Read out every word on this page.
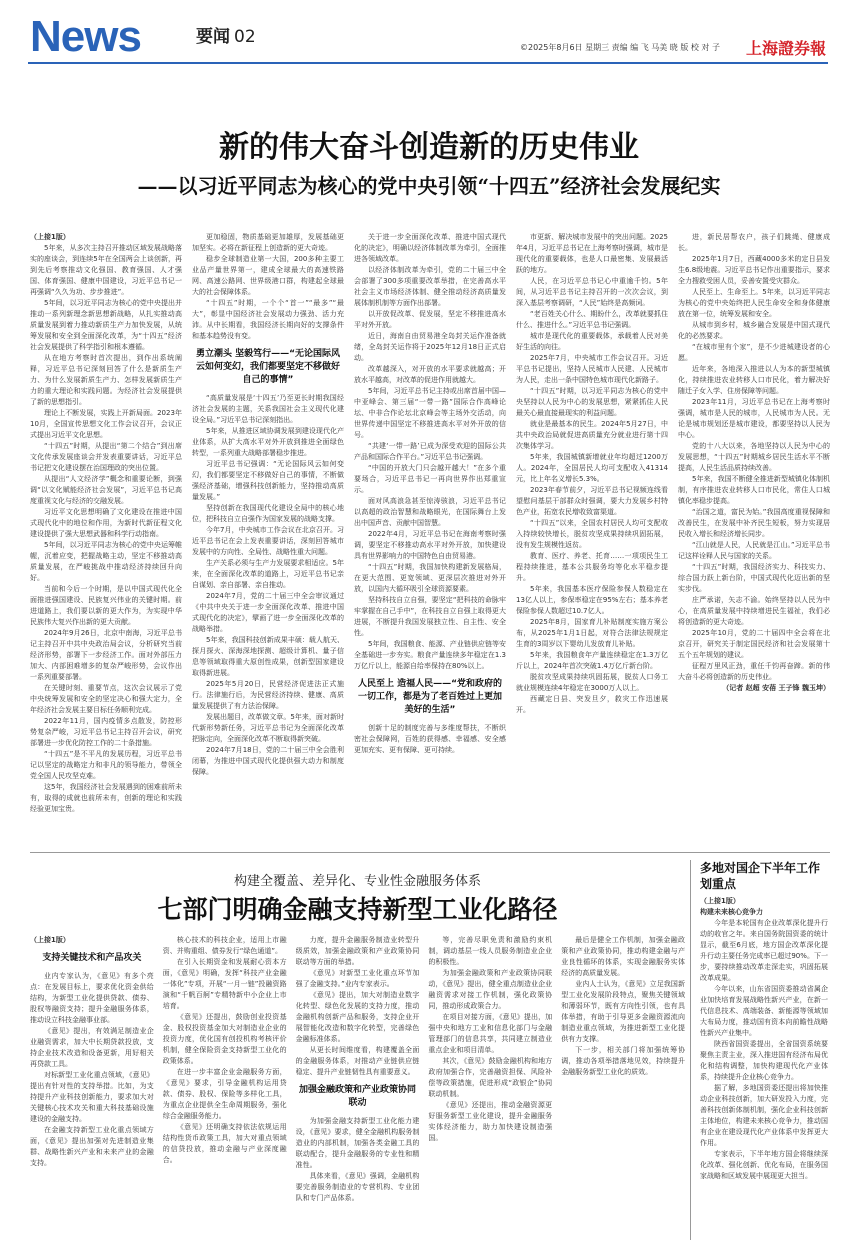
News	要闻 02
©2025年8月6日 星期三 责编 编 飞 马美 晓 版 校 对 子 上海證券報
新的伟大奋斗创造新的历史伟业
——以习近平同志为核心的党中央引领“十四五”经济社会发展纪实

（上接1版）

5年来，从多次主持召开推动区域发展战略落实的座谈会，到连续5年在全国两会上谈创新，再到先后考察推动文化强国、教育强国、人才强国、体育强国、健康中国建设，习近平总书记一再强调“久久为功、步步推进”。

5年间，以习近平同志为核心的党中央提出并推动一系列新理念新思想新战略，从扎实推动高质量发展到着力推动新质生产力加快发展，从统筹发展和安全到全面深化改革，为“十四五”经济社会发展提供了科学指引和根本遵循。

从在地方考察时首次提出，到作出系统阐释，习近平总书记深刻回答了什么是新质生产力、为什么发展新质生产力、怎样发展新质生产力的重大理论和实践问题。为经济社会发展提供了新的思想指引。

理论上不断发展，实践上开新局面。2023年10月，全国宣传思想文化工作会议召开，会议正式提出习近平文化思想。

“十四五”时期，从提出“第二个结合”到出席文化传承发展座谈会并发表重要讲话，习近平总书记把文化建设摆在治国理政的突出位置。

从提出“人文经济学”概念和重要论断，到强调“以文化赋能经济社会发展”，习近平总书记高度重视文化与经济的交融发展。

习近平文化思想明确了文化建设在推进中国式现代化中的地位和作用，为新时代新征程文化建设提供了强大思想武器和科学行动指南。

5年间，以习近平同志为核心的党中央运筹帷幄，沉着应变，把握战略主动，坚定不移推动高质量发展，在严峻挑战中推动经济持续回升向好。

当前和今后一个时期，是以中国式现代化全面推进强国建设、民族复兴伟业的关键时期。前进道路上，我们要以新的更大作为，为实现中华民族伟大复兴作出新的更大贡献。

2024年9月26日，北京中南海，习近平总书记主持召开中共中央政治局会议，分析研究当前经济形势，部署下一步经济工作。面对外部压力加大、内部困难增多的复杂严峻形势，会议作出一系列重要部署。

在关键时刻、重要节点，这次会议展示了党中央统筹发展和安全的坚定决心和强大定力，全年经济社会发展主要目标任务顺利完成。

2022年11月，国内疫情多点散发，防控形势复杂严峻，习近平总书记主持召开会议，研究部署进一步优化防控工作的二十条措施。

“十四五”是不平凡的发展历程，习近平总书记以坚定的战略定力和非凡的领导能力，带领全党全国人民攻坚克难。

这5年，我国经济社会发展遇到的困难前所未有，取得的成就也前所未有，创新的理论和实践经验更加宝贵。

更加稳固，物质基础更加雄厚，发展基础更加坚实。必将在新征程上创造新的更大奇迹。

稳步全球制造业第一大国，200多种主要工业品产量世界第一，建成全球最大的高速铁路网、高速公路网、世界级港口群，构建起全球最大的社会保障体系。

“十四五”时期，一个个“首一”“最多”“最大”，彰显中国经济社会发展动力强劲、活力充沛。从中长期看，我国经济长期向好的支撑条件和基本趋势没有变。

勇立潮头 坚毅笃行——“无论国际风云如何变幻，我们都要坚定不移做好自己的事情”

“高质量发展是‘十四五’乃至更长时期我国经济社会发展的主题，关系我国社会主义现代化建设全局。”习近平总书记深刻指出。

5年来，从推进区域协调发展到建设现代化产业体系，从扩大高水平对外开放到推进全面绿色转型，一系列重大战略部署稳步推进。

习近平总书记强调：“无论国际风云如何变幻，我们都要坚定不移做好自己的事情，不断做强经济基础，增强科技创新能力，坚持推动高质量发展。”

坚持创新在我国现代化建设全局中的核心地位，把科技自立自强作为国家发展的战略支撑。

今年7月，中央城市工作会议在北京召开。习近平总书记在会上发表重要讲话，深刻回答城市发展中的方向性、全局性、战略性重大问题。

生产关系必须与生产力发展要求相适应。5年来，在全面深化改革的道路上，习近平总书记亲自谋划、亲自部署、亲自推动。

2024年7月，党的二十届三中全会审议通过《中共中央关于进一步全面深化改革、推进中国式现代化的决定》，擘画了进一步全面深化改革的战略举措。

5年来，我国科技创新成果丰硕：载人航天、探月探火、深海深地探测、超级计算机、量子信息等领域取得重大原创性成果，创新型国家建设取得新进展。

2025年5月20日，民营经济促进法正式施行。法律施行后，为民营经济持续、健康、高质量发展提供了有力法治保障。

发展出题目，改革做文章。5年来，面对新时代新形势新任务，习近平总书记为全面深化改革把脉定向，全面深化改革不断取得新突破。

2024年7月18日，党的二十届三中全会胜利闭幕，为推进中国式现代化提供强大动力和制度保障。

关于进一步全面深化改革、推进中国式现代化的决定》，明确以经济体制改革为牵引，全面推进各领域改革。

以经济体制改革为牵引，党的二十届三中全会部署了300多项重要改革举措，在完善高水平社会主义市场经济体制、健全推动经济高质量发展体制机制等方面作出部署。

以开放促改革、促发展，坚定不移推进高水平对外开放。

近日，海南自由贸易港全岛封关运作准备就绪，全岛封关运作将于2025年12月18日正式启动。

改革越深入，对开放的水平要求就越高；开放水平越高，对改革的促进作用就越大。

5年间，习近平总书记主持或出席首届中国—中亚峰会、第三届“一带一路”国际合作高峰论坛、中非合作论坛北京峰会等主场外交活动，向世界传递中国坚定不移推进高水平对外开放的信号。

“共建‘一带一路’已成为深受欢迎的国际公共产品和国际合作平台。”习近平总书记强调。

“中国的开放大门只会越开越大！”在多个重要场合，习近平总书记一再向世界作出郑重宣示。

面对风高浪急甚至惊涛骇浪，习近平总书记以高超的政治智慧和战略眼光，在国际舞台上发出中国声音、贡献中国智慧。

2022年4月，习近平总书记在海南考察时强调，要坚定不移推动高水平对外开放，加快建设具有世界影响力的中国特色自由贸易港。

“十四五”时期，我国加快构建新发展格局，在更大范围、更宽领域、更深层次推进对外开放，以国内大循环吸引全球资源要素。

坚持科技自立自强，要坚定“把科技的命脉牢牢掌握在自己手中”，在科技自立自强上取得更大进展，不断提升我国发展独立性、自主性、安全性。

5年间，我国粮食、能源、产业链供应链等安全基础进一步夯实。粮食产量连续多年稳定在1.3万亿斤以上，能源自给率保持在80%以上。

人民至上 造福人民——“党和政府的一切工作，都是为了老百姓过上更加美好的生活”

创新十足的制度完善与多维度帮扶，不断织密社会保障网，百姓的获得感、幸福感、安全感更加充实、更有保障、更可持续。

市更新、解决城市发展中的突出问题。2025年4月，习近平总书记在上海考察时强调，城市是现代化的重要载体，也是人口最密集、发展最活跃的地方。

人民，在习近平总书记心中重逾千钧。5年间，从习近平总书记主持召开的一次次会议，到深入基层考察调研，“人民”始终是高频词。

“老百姓关心什么、期盼什么，改革就要抓住什么、推进什么。”习近平总书记强调。

城市是现代化的重要载体，承载着人民对美好生活的向往。

2025年7月，中央城市工作会议召开。习近平总书记提出，坚持人民城市人民建、人民城市为人民，走出一条中国特色城市现代化新路子。

“十四五”时期，以习近平同志为核心的党中央坚持以人民为中心的发展思想，紧紧抓住人民最关心最直接最现实的利益问题。

就业是最基本的民生。2024年5月27日，中共中央政治局就促进高质量充分就业进行第十四次集体学习。

5年来，我国城镇新增就业年均超过1200万人。2024年，全国居民人均可支配收入41314元，比上年名义增长5.3%。

2023年春节前夕，习近平总书记视频连线看望慰问基层干部群众时强调，要大力发展乡村特色产业，拓宽农民增收致富渠道。

“十四五”以来，全国农村居民人均可支配收入持续较快增长，脱贫攻坚成果持续巩固拓展，没有发生规模性返贫。

教育、医疗、养老、托育……一项项民生工程持续推进，基本公共服务均等化水平稳步提升。

5年来，我国基本医疗保险参保人数稳定在13亿人以上，参保率稳定在95%左右；基本养老保险参保人数超过10.7亿人。

2025年8月，国家育儿补贴制度实施方案公布，从2025年1月1日起，对符合法律法规规定生育的3周岁以下婴幼儿发放育儿补贴。

5年来，我国粮食年产量连续稳定在1.3万亿斤以上，2024年首次突破1.4万亿斤新台阶。

脱贫攻坚成果持续巩固拓展，脱贫人口务工就业规模连续4年稳定在3000万人以上。

西藏定日县、突发旦夕，救灾工作迅速展开。

进，新民居帮农户，孩子们跳绳、健康成长。

2025年1月7日，西藏4000多米的定日县发生6.8级地震。习近平总书记作出重要指示，要求全力搜救受困人员，妥善安置受灾群众。

人民至上、生命至上。5年来，以习近平同志为核心的党中央始终把人民生命安全和身体健康放在第一位，统筹发展和安全。

从城市到乡村，城乡融合发展是中国式现代化的必然要求。

“在城市里有个家”，是不少进城建设者的心愿。

近年来，各地深入推进以人为本的新型城镇化，持续推进农业转移人口市民化，着力解决好随迁子女入学、住房保障等问题。

2023年11月，习近平总书记在上海考察时强调，城市是人民的城市，人民城市为人民。无论是城市规划还是城市建设，都要坚持以人民为中心。

党的十八大以来，各地坚持以人民为中心的发展思想，“十四五”时期城乡居民生活水平不断提高，人民生活品质持续改善。

5年来，我国不断健全推进新型城镇化体制机制，有序推进农业转移人口市民化，常住人口城镇化率稳步提高。

“治国之道，富民为始。”我国高度重视保障和改善民生，在发展中补齐民生短板，努力实现居民收入增长和经济增长同步。

“江山就是人民，人民就是江山。”习近平总书记这样诠释人民与国家的关系。

“十四五”时期，我国经济实力、科技实力、综合国力跃上新台阶，中国式现代化迈出新的坚实步伐。

庄严承诺，矢志不渝。始终坚持以人民为中心，在高质量发展中持续增进民生福祉，我们必将创造新的更大奇迹。

2025年10月，党的二十届四中全会将在北京召开，研究关于制定国民经济和社会发展第十五个五年规划的建议。

征程万里风正劲，重任千钧再奋蹄。新的伟大奋斗必将创造新的历史伟业。

（记者 赵超 安蓓 王子锋 魏玉坤）

构建全覆盖、差异化、专业性金融服务体系
七部门明确金融支持新型工业化路径

（上接1版）

支持关键技术和产品攻关

业内专家认为，《意见》有多个亮点：在发展目标上，要求优化资金供给结构，为新型工业化提供贷款、债券、股权等融资支持；提升金融服务体系，推动设立科技金融事业部。

《意见》提出，有效满足制造业企业融资需求，加大中长期贷款投放，支持企业技术改造和设备更新，用好相关再贷款工具。

对标新型工业化重点领域，《意见》提出有针对性的支持举措。比如，为支持提升产业科技创新能力，要求加大对关键核心技术攻关和重大科技基础设施建设的金融支持。

在金融支持新型工业化重点领域方面，《意见》提出加强对先进制造业集群、战略性新兴产业和未来产业的金融支持。

核心技术的科技企业，适用上市融资、并购重组、债券发行“绿色通道”。

在引入长期资金和发展耐心资本方面，《意见》明确，发挥“科技产业金融一体化”专项，开展“一月一链”投融资路演和“千帆百舸”专精特新中小企业上市培育。

《意见》还提出，鼓励创业投资基金、股权投资基金加大对制造业企业的投资力度，优化国有创投机构考核评价机制，健全保险资金支持新型工业化的政策体系。

在进一步丰富企业金融服务方面，《意见》要求，引导金融机构运用贷款、债券、股权、保险等多样化工具，为重点企业提供全生命周期服务，强化综合金融服务能力。

《意见》还明确支持依法依规运用结构性货币政策工具，加大对重点领域的信贷投放，推动金融与产业深度融合。

力度，提升金融服务制造业转型升级质效，加强金融政策和产业政策协同联动等方面的举措。

《意见》对新型工业化重点环节加强了金融支持。”业内专家表示。

《意见》提出，加大对制造业数字化转型、绿色化发展的支持力度，推动金融机构创新产品和服务，支持企业开展智能化改造和数字化转型，完善绿色金融标准体系。

从更长时间维度看，构建覆盖全面的金融服务体系，对推动产业链供应链稳定、提升产业链韧性具有重要意义。

加强金融政策和产业政策协同联动

为加强金融支持新型工业化能力建设，《意见》要求，健全金融机构服务制造业的内部机制，加强各类金融工具的联动配合，提升金融服务的专业性和精准性。

具体来看，《意见》强调，金融机构要完善服务制造业的专营机构、专业团队和专门产品体系。

等，完善尽职免责和激励约束机制，调动基层一线人员服务制造业企业的积极性。

为加强金融政策和产业政策协同联动，《意见》提出，健全重点制造业企业融资需求对接工作机制，强化政策协同，推动形成政策合力。

在项目对接方面，《意见》提出，加强中央和地方工业和信息化部门与金融管理部门的信息共享，共同建立制造业重点企业和项目清单。

其次，《意见》鼓励金融机构和地方政府加强合作，完善融资担保、风险补偿等政策措施，促进形成“政银企”协同联动机制。

《意见》还提出，推动金融资源更好服务新型工业化建设，提升金融服务实体经济能力，助力加快建设制造强国。

最后是健全工作机制，加强金融政策和产业政策协同，推动构建金融与产业良性循环的体系，实现金融服务实体经济的高质量发展。

业内人士认为，《意见》立足我国新型工业化发展阶段特点，聚焦关键领域和薄弱环节，既有方向性引领，也有具体举措，有助于引导更多金融资源流向制造业重点领域，为推进新型工业化提供有力支撑。

下一步，相关部门将加强统筹协调，推动各项举措落地见效，持续提升金融服务新型工业化的质效。

多地对国企下半年工作划重点

（上接1版）

构建未来核心竞争力

今年是本轮国有企业改革深化提升行动的收官之年。来自国务院国资委的统计显示，截至6月底，地方国企改革深化提升行动主要任务完成率已超过90%。下一步，要持续推动改革走深走实，巩固拓展改革成果。

今年以来，山东省国资委推动省属企业加快培育发展战略性新兴产业，在新一代信息技术、高端装备、新能源等领域加大布局力度，推动国有资本向前瞻性战略性新兴产业集中。

陕西省国资委提出，全省国资系统要聚焦主责主业，深入推进国有经济布局优化和结构调整，加快构建现代化产业体系，持续提升企业核心竞争力。

据了解，多地国资委还提出将加快推动企业科技创新，加大研发投入力度，完善科技创新体制机制，强化企业科技创新主体地位，构建未来核心竞争力，推动国有企业在建设现代化产业体系中发挥更大作用。

专家表示，下半年地方国企将继续深化改革、强化创新、优化布局，在服务国家战略和区域发展中展现更大担当。
